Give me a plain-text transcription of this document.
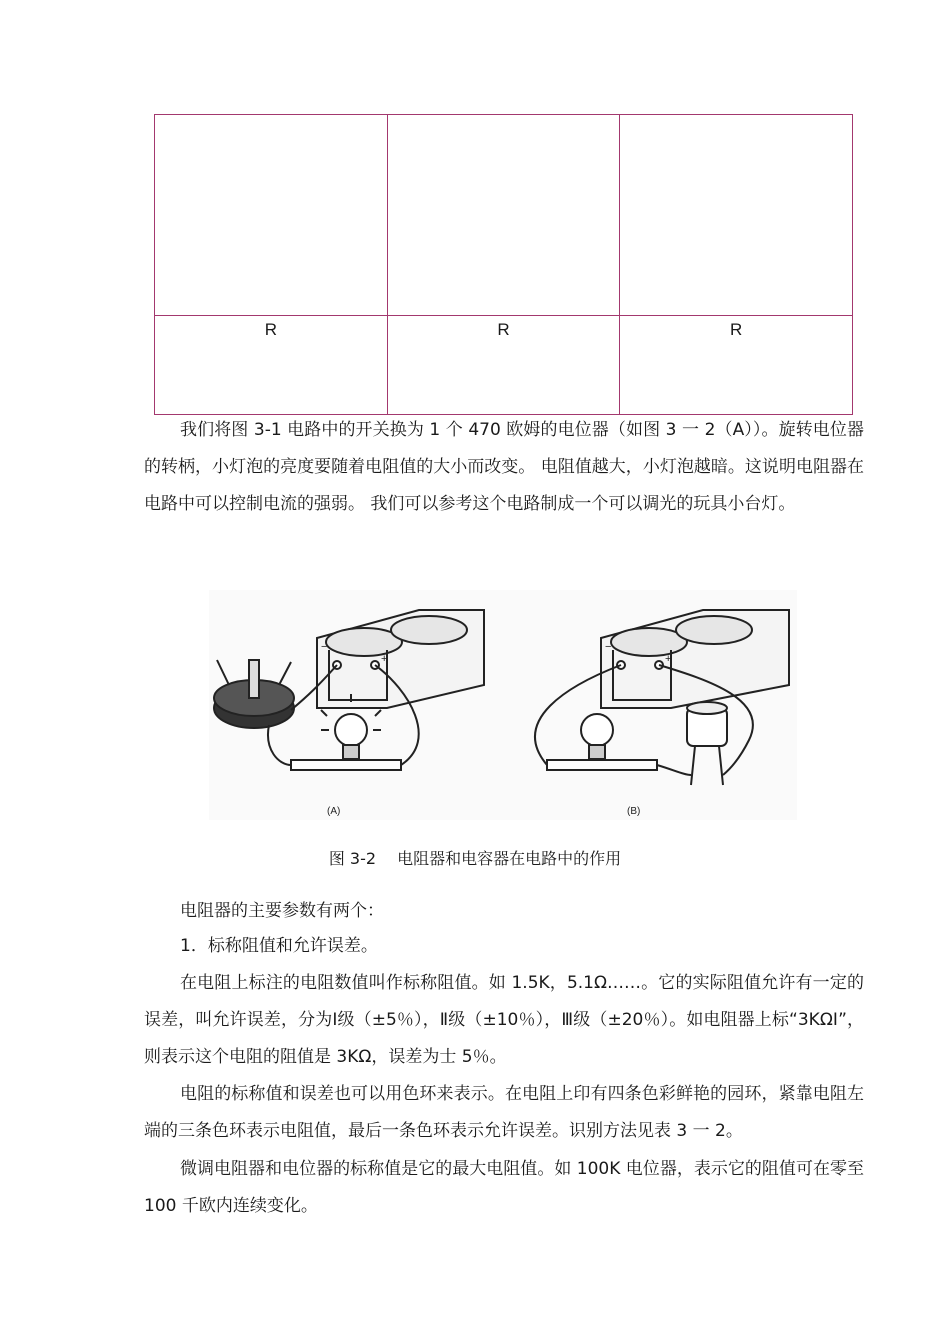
R	R	R

我们将图 3-1 电路中的开关换为 1 个 470 欧姆的电位器（如图 3 一 2（A））。旋转电位器的转柄，小灯泡的亮度要随着电阻值的大小而改变。 电阻值越大，小灯泡越暗。这说明电阻器在电路中可以控制电流的强弱。 我们可以参考这个电路制成一个可以调光的玩具小台灯。

(A)	(B)
−
+
−
+
图 3-2　 电阻器和电容器在电路中的作用

电阻器的主要参数有两个：

1．标称阻值和允许误差。

在电阻上标注的电阻数值叫作标称阻值。如 1.5K，5.1Ω……。它的实际阻值允许有一定的误差，叫允许误差，分为Ⅰ级（±5％），Ⅱ级（±10％），Ⅲ级（±20％）。如电阻器上标“3KΩⅠ”，则表示这个电阻的阻值是 3KΩ，误差为士 5％。

电阻的标称值和误差也可以用色环来表示。在电阻上印有四条色彩鲜艳的园环，紧靠电阻左端的三条色环表示电阻值，最后一条色环表示允许误差。识别方法见表 3 一 2。

微调电阻器和电位器的标称值是它的最大电阻值。如 100K 电位器，表示它的阻值可在零至 100 千欧内连续变化。
